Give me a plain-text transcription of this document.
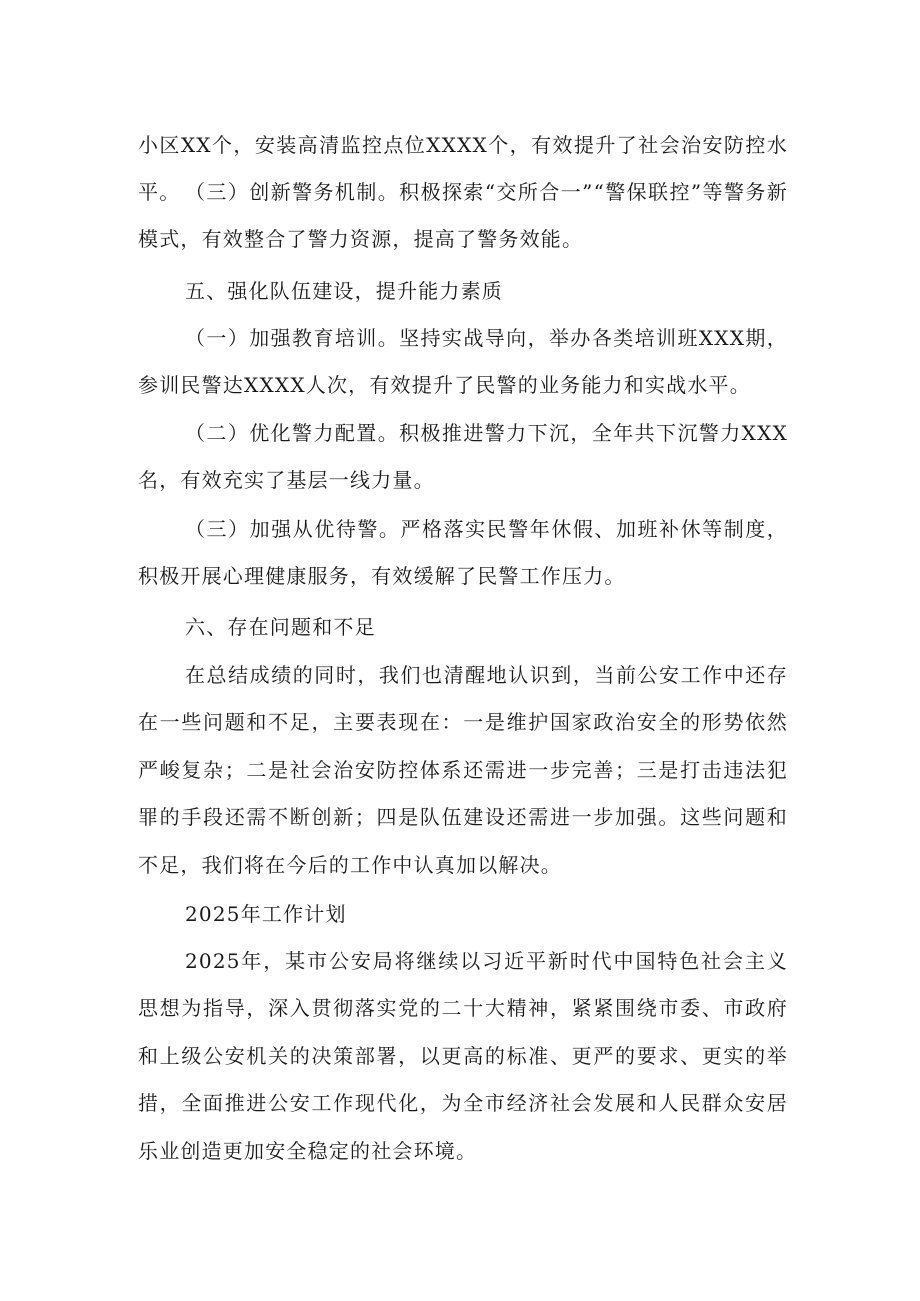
小区XX个，安装高清监控点位XXXX个，有效提升了社会治安防控水平。 （三）创新警务机制。积极探索“交所合一”“警保联控”等警务新模式，有效整合了警力资源，提高了警务效能。

五、强化队伍建设，提升能力素质

（一）加强教育培训。坚持实战导向，举办各类培训班XXX期，参训民警达XXXX人次，有效提升了民警的业务能力和实战水平。

（二）优化警力配置。积极推进警力下沉，全年共下沉警力XXX名，有效充实了基层一线力量。

（三）加强从优待警。严格落实民警年休假、加班补休等制度，积极开展心理健康服务，有效缓解了民警工作压力。

六、存在问题和不足

在总结成绩的同时，我们也清醒地认识到，当前公安工作中还存在一些问题和不足，主要表现在：一是维护国家政治安全的形势依然严峻复杂；二是社会治安防控体系还需进一步完善；三是打击违法犯罪的手段还需不断创新；四是队伍建设还需进一步加强。这些问题和不足，我们将在今后的工作中认真加以解决。

2025年工作计划

2025年，某市公安局将继续以习近平新时代中国特色社会主义思想为指导，深入贯彻落实党的二十大精神，紧紧围绕市委、市政府和上级公安机关的决策部署，以更高的标准、更严的要求、更实的举措，全面推进公安工作现代化，为全市经济社会发展和人民群众安居乐业创造更加安全稳定的社会环境。
